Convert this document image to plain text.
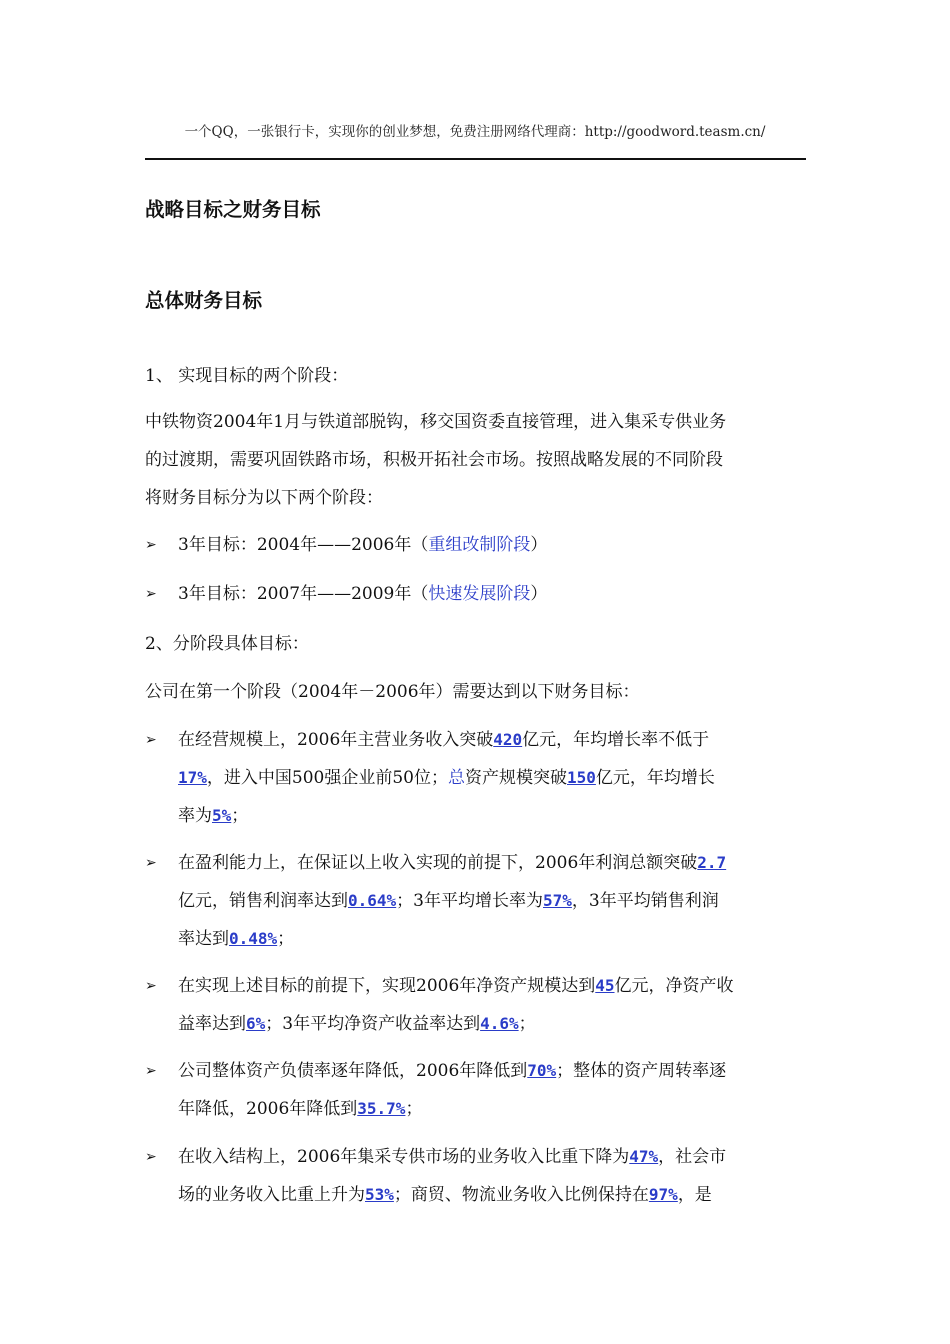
一个QQ，一张银行卡，实现你的创业梦想，免费注册网络代理商：http://goodword.teasm.cn/
战略目标之财务目标
总体财务目标
1、 实现目标的两个阶段：
中铁物资2004年1月与铁道部脱钩，移交国资委直接管理，进入集采专供业务
的过渡期，需要巩固铁路市场，积极开拓社会市场。按照战略发展的不同阶段
将财务目标分为以下两个阶段：
➢	3年目标：2004年——2006年（重组改制阶段）
➢	3年目标：2007年——2009年（快速发展阶段）
2、分阶段具体目标：
公司在第一个阶段（2004年－2006年）需要达到以下财务目标：
➢	在经营规模上，2006年主营业务收入突破420亿元，年均增长率不低于
17%，进入中国500强企业前50位；总资产规模突破150亿元，年均增长
率为5%；
➢	在盈利能力上，在保证以上收入实现的前提下，2006年利润总额突破2.7
亿元，销售利润率达到0.64%；3年平均增长率为57%，3年平均销售利润
率达到0.48%；
➢	在实现上述目标的前提下，实现2006年净资产规模达到45亿元，净资产收
益率达到6%；3年平均净资产收益率达到4.6%；
➢	公司整体资产负债率逐年降低，2006年降低到70%；整体的资产周转率逐
年降低，2006年降低到35.7%；
➢	在收入结构上，2006年集采专供市场的业务收入比重下降为47%，社会市
场的业务收入比重上升为53%；商贸、物流业务收入比例保持在97%，是
